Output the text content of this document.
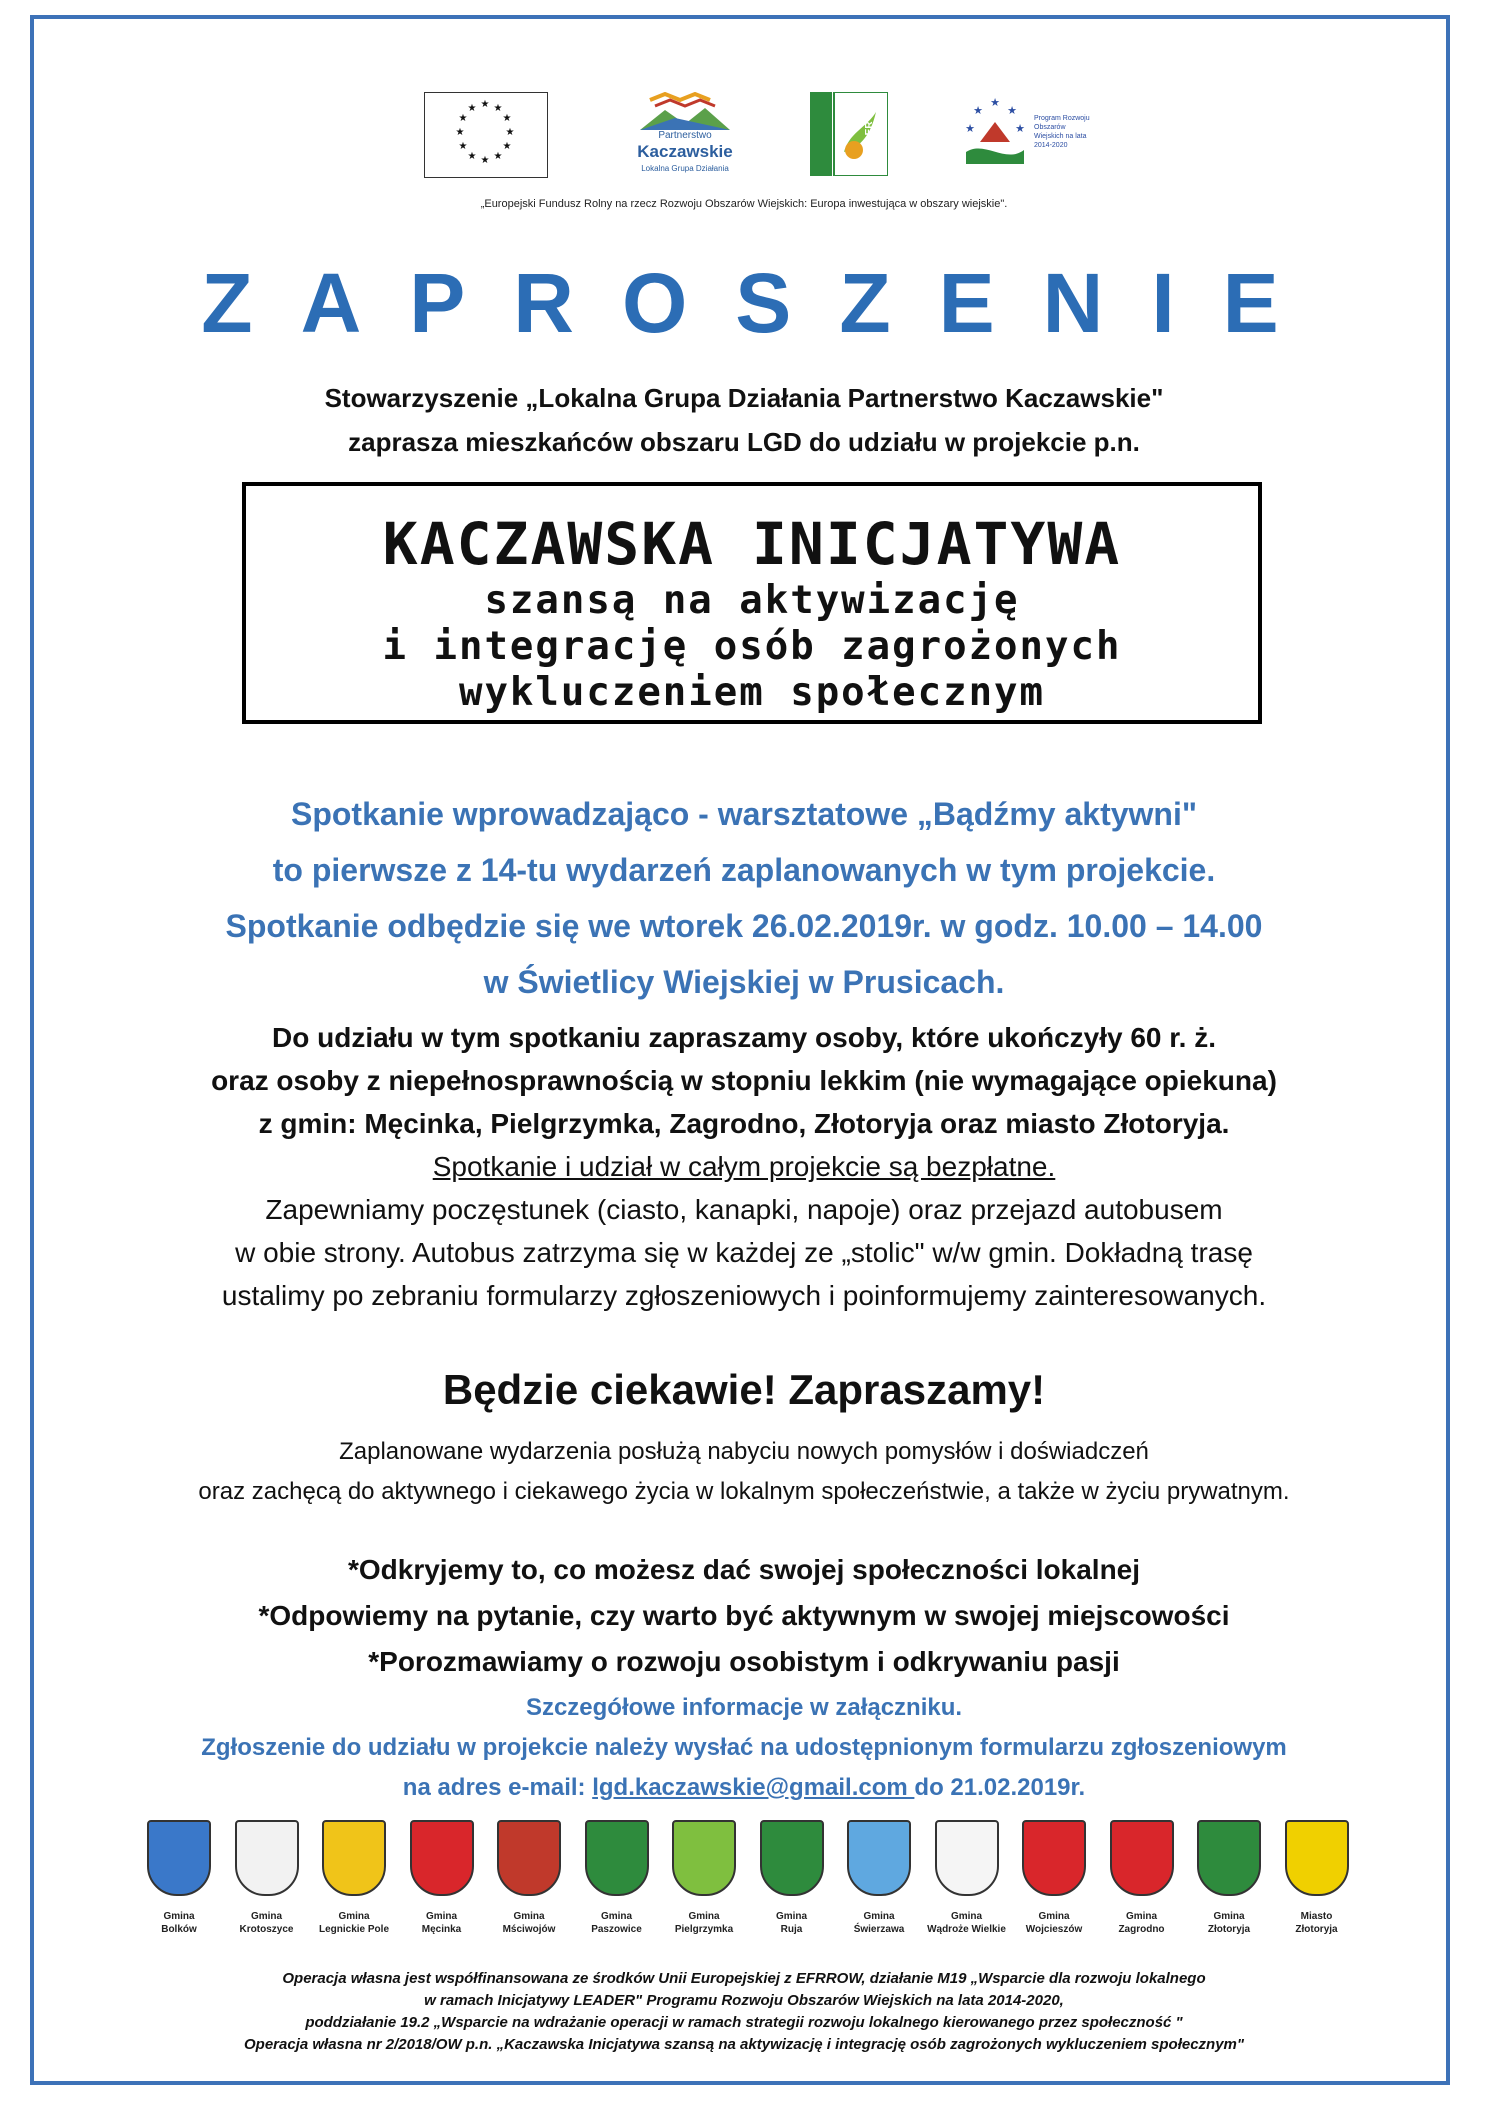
★ ★
★
★
★
★
★
★
★
★
★
★
Partnerstwo
Kaczawskie
Lokalna Grupa Działania
LEADER
★
★
★
★
★
Program Rozwoju Obszarów Wiejskich na lata 2014-2020
„Europejski Fundusz Rolny na rzecz Rozwoju Obszarów Wiejskich: Europa inwestująca w obszary wiejskie".
ZAPROSZENIE
Stowarzyszenie „Lokalna Grupa Działania Partnerstwo Kaczawskie"
zaprasza mieszkańców obszaru LGD do udziału w projekcie p.n.
KACZAWSKA INICJATYWA
szansą na aktywizację
i integrację osób zagrożonych
wykluczeniem społecznym
Spotkanie wprowadzająco - warsztatowe „Bądźmy aktywni"
to pierwsze z 14-tu wydarzeń zaplanowanych w tym projekcie.
Spotkanie odbędzie się we wtorek 26.02.2019r. w godz. 10.00 – 14.00
w Świetlicy Wiejskiej w Prusicach.
Do udziału w tym spotkaniu zapraszamy osoby, które ukończyły 60 r. ż.
oraz osoby z niepełnosprawnością w stopniu lekkim (nie wymagające opiekuna)
z gmin: Męcinka, Pielgrzymka, Zagrodno, Złotoryja oraz miasto Złotoryja.
Spotkanie i udział w całym projekcie są bezpłatne.
Zapewniamy poczęstunek (ciasto, kanapki, napoje) oraz przejazd autobusem
w obie strony. Autobus zatrzyma się w każdej ze „stolic" w/w gmin. Dokładną trasę
ustalimy po zebraniu formularzy zgłoszeniowych i poinformujemy zainteresowanych.
Będzie ciekawie! Zapraszamy!
Zaplanowane wydarzenia posłużą nabyciu nowych pomysłów i doświadczeń
oraz zachęcą do aktywnego i ciekawego życia w lokalnym społeczeństwie, a także w życiu prywatnym.
*Odkryjemy to, co możesz dać swojej społeczności lokalnej
*Odpowiemy na pytanie, czy warto być aktywnym w swojej miejscowości
*Porozmawiamy o rozwoju osobistym i odkrywaniu pasji
Szczegółowe informacje w załączniku.
Zgłoszenie do udziału w projekcie należy wysłać na udostępnionym formularzu zgłoszeniowym
na adres e-mail: lgd.kaczawskie@gmail.com do 21.02.2019r.
Gmina
Bolków
Gmina
Krotoszyce
Gmina
Legnickie Pole
Gmina
Męcinka
Gmina
Mściwojów
Gmina
Paszowice
Gmina
Pielgrzymka
Gmina
Ruja
Gmina
Świerzawa
Gmina
Wądroże Wielkie
Gmina
Wojcieszów
Gmina
Zagrodno
Gmina
Złotoryja
Miasto
Złotoryja
Operacja własna jest współfinansowana ze środków Unii Europejskiej z EFRROW, działanie M19 „Wsparcie dla rozwoju lokalnego
w ramach Inicjatywy LEADER" Programu Rozwoju Obszarów Wiejskich na lata 2014-2020,
poddziałanie 19.2 „Wsparcie na wdrażanie operacji w ramach strategii rozwoju lokalnego kierowanego przez społeczność "
Operacja własna nr 2/2018/OW p.n. „Kaczawska Inicjatywa szansą na aktywizację i integrację osób zagrożonych wykluczeniem społecznym"
